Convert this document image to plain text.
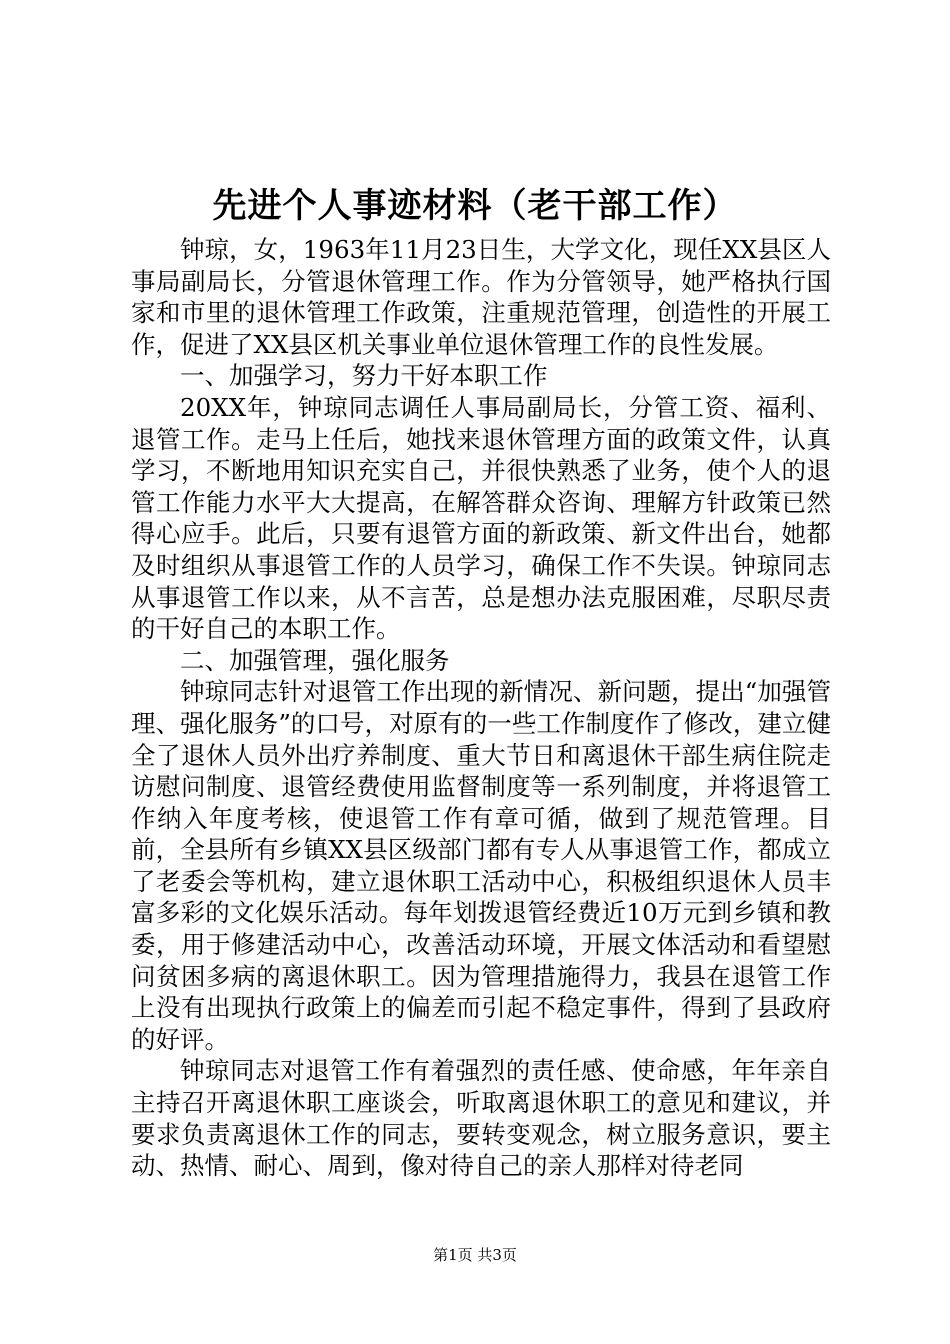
先进个人事迹材料（老干部工作）

钟琼，女，1963年11月23日生，大学文化，现任XX县区人事局副局长，分管退休管理工作。作为分管领导，她严格执行国家和市里的退休管理工作政策，注重规范管理，创造性的开展工作，促进了XX县区机关事业单位退休管理工作的良性发展。

一、加强学习，努力干好本职工作

20XX年，钟琼同志调任人事局副局长，分管工资、福利、退管工作。走马上任后，她找来退休管理方面的政策文件，认真学习，不断地用知识充实自己，并很快熟悉了业务，使个人的退管工作能力水平大大提高，在解答群众咨询、理解方针政策已然得心应手。此后，只要有退管方面的新政策、新文件出台，她都及时组织从事退管工作的人员学习，确保工作不失误。钟琼同志从事退管工作以来，从不言苦，总是想办法克服困难，尽职尽责的干好自己的本职工作。

二、加强管理，强化服务

钟琼同志针对退管工作出现的新情况、新问题，提出“加强管理、强化服务”的口号，对原有的一些工作制度作了修改，建立健全了退休人员外出疗养制度、重大节日和离退休干部生病住院走访慰问制度、退管经费使用监督制度等一系列制度，并将退管工作纳入年度考核，使退管工作有章可循，做到了规范管理。目前，全县所有乡镇XX县区级部门都有专人从事退管工作，都成立了老委会等机构，建立退休职工活动中心，积极组织退休人员丰富多彩的文化娱乐活动。每年划拨退管经费近10万元到乡镇和教委，用于修建活动中心，改善活动环境，开展文体活动和看望慰问贫困多病的离退休职工。因为管理措施得力，我县在退管工作上没有出现执行政策上的偏差而引起不稳定事件，得到了县政府的好评。

钟琼同志对退管工作有着强烈的责任感、使命感，年年亲自主持召开离退休职工座谈会，听取离退休职工的意见和建议，并要求负责离退休工作的同志，要转变观念，树立服务意识，要主动、热情、耐心、周到，像对待自己的亲人那样对待老同

第1页 共3页
